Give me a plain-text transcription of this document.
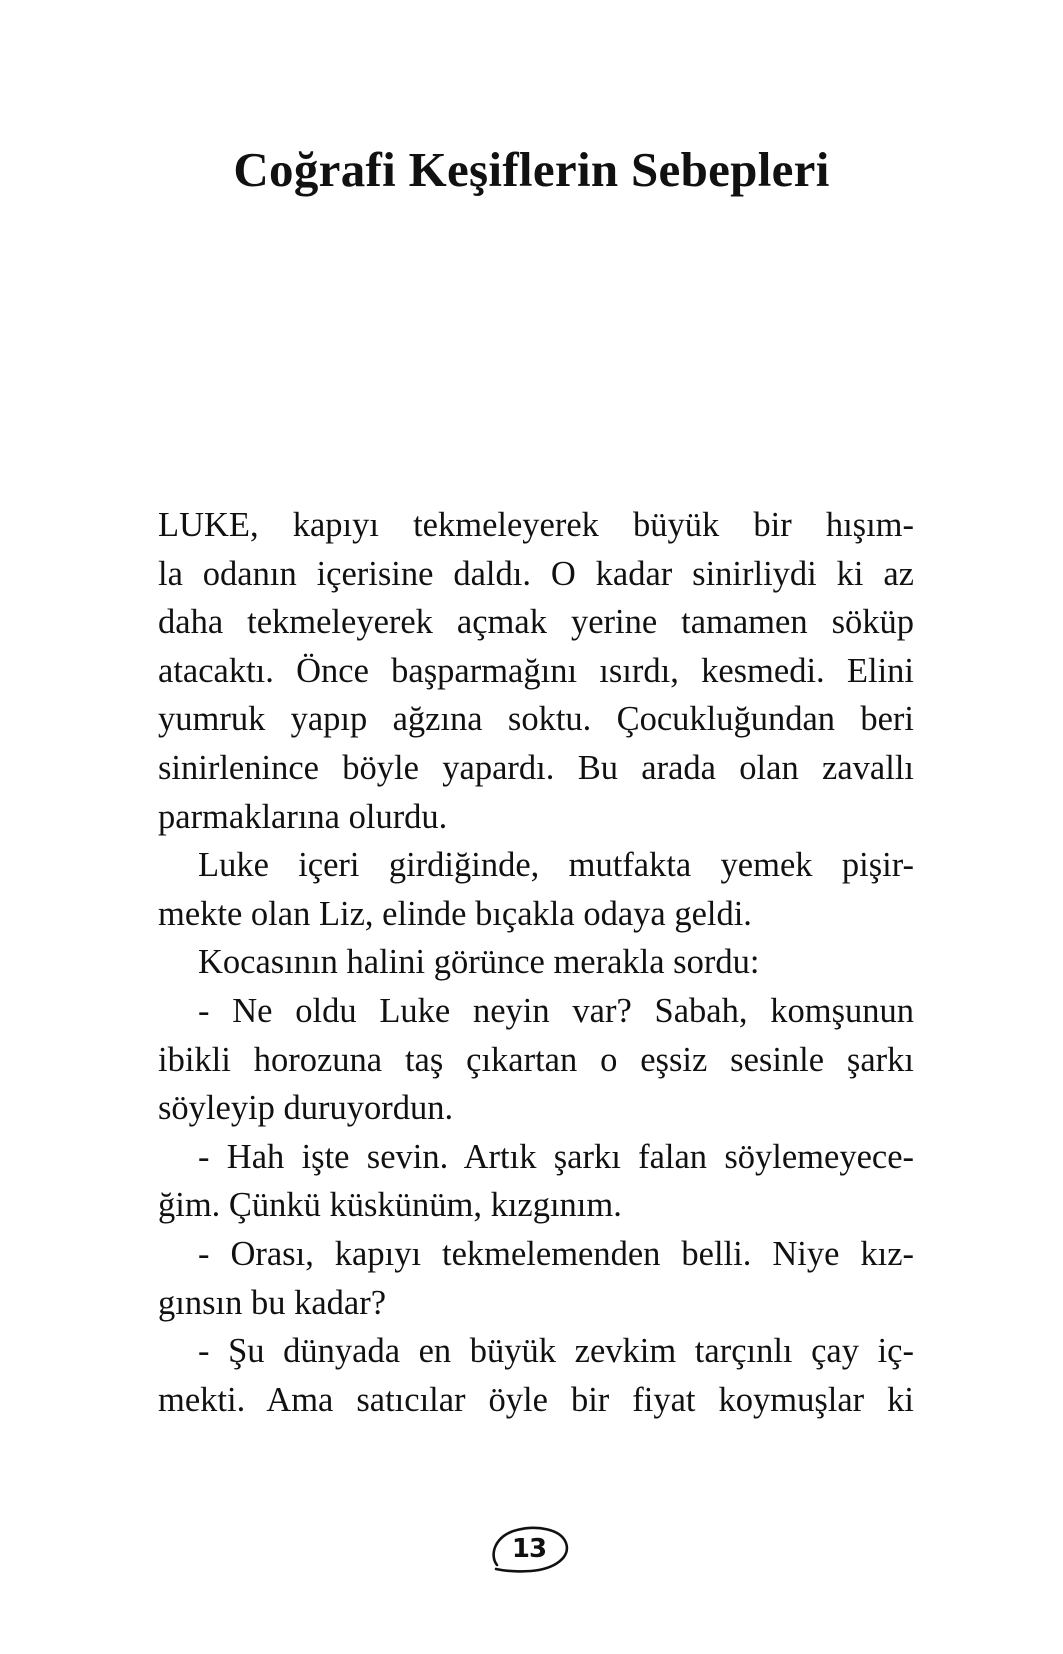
Coğrafi Keşiflerin Sebepleri
LUKE, kapıyı tekmeleyerek büyük bir hışım-
la odanın içerisine daldı. O kadar sinirliydi ki az
daha tekmeleyerek açmak yerine tamamen söküp
atacaktı. Önce başparmağını ısırdı, kesmedi. Elini
yumruk yapıp ağzına soktu. Çocukluğundan beri
sinirlenince böyle yapardı. Bu arada olan zavallı
parmaklarına olurdu.
Luke içeri girdiğinde, mutfakta yemek pişir-
mekte olan Liz, elinde bıçakla odaya geldi.
Kocasının halini görünce merakla sordu:
- Ne oldu Luke neyin var? Sabah, komşunun
ibikli horozuna taş çıkartan o eşsiz sesinle şarkı
söyleyip duruyordun.
- Hah işte sevin. Artık şarkı falan söylemeyece-
ğim. Çünkü küskünüm, kızgınım.
- Orası, kapıyı tekmelemenden belli. Niye kız-
gınsın bu kadar?
- Şu dünyada en büyük zevkim tarçınlı çay iç-
mekti. Ama satıcılar öyle bir fiyat koymuşlar ki
13
